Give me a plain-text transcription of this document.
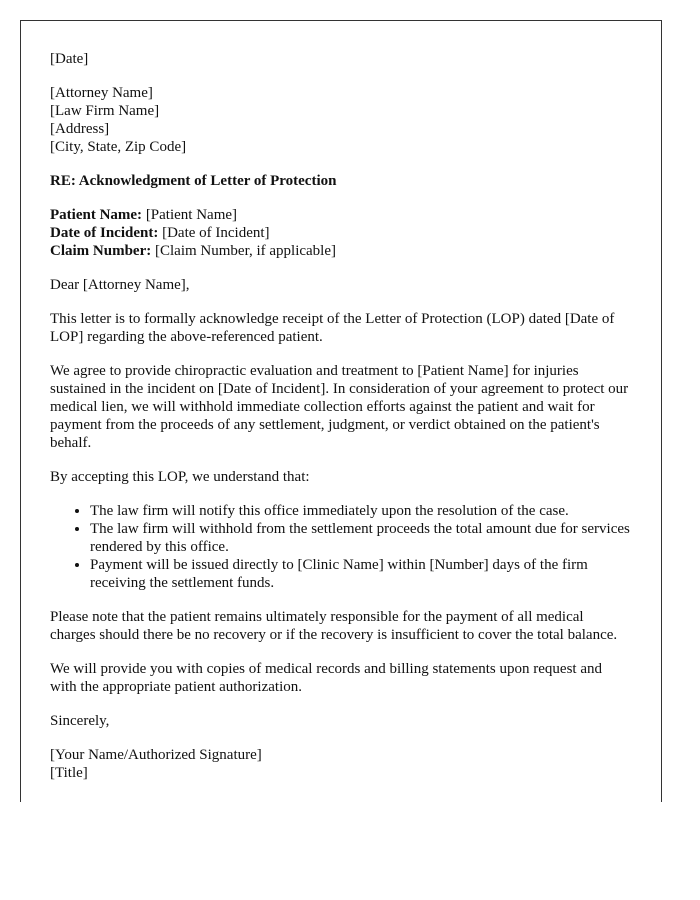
[Date]

[Attorney Name]
[Law Firm Name]
[Address]
[City, State, Zip Code]

RE: Acknowledgment of Letter of Protection

Patient Name: [Patient Name]
Date of Incident: [Date of Incident]
Claim Number: [Claim Number, if applicable]

Dear [Attorney Name],

This letter is to formally acknowledge receipt of the Letter of Protection (LOP) dated [Date of LOP] regarding the above-referenced patient.

We agree to provide chiropractic evaluation and treatment to [Patient Name] for injuries sustained in the incident on [Date of Incident]. In consideration of your agreement to protect our medical lien, we will withhold immediate collection efforts against the patient and wait for payment from the proceeds of any settlement, judgment, or verdict obtained on the patient's behalf.

By accepting this LOP, we understand that:

• The law firm will notify this office immediately upon the resolution of the case.
• The law firm will withhold from the settlement proceeds the total amount due for services rendered by this office.
• Payment will be issued directly to [Clinic Name] within [Number] days of the firm receiving the settlement funds.

Please note that the patient remains ultimately responsible for the payment of all medical charges should there be no recovery or if the recovery is insufficient to cover the total balance.

We will provide you with copies of medical records and billing statements upon request and with the appropriate patient authorization.

Sincerely,

[Your Name/Authorized Signature]
[Title]
